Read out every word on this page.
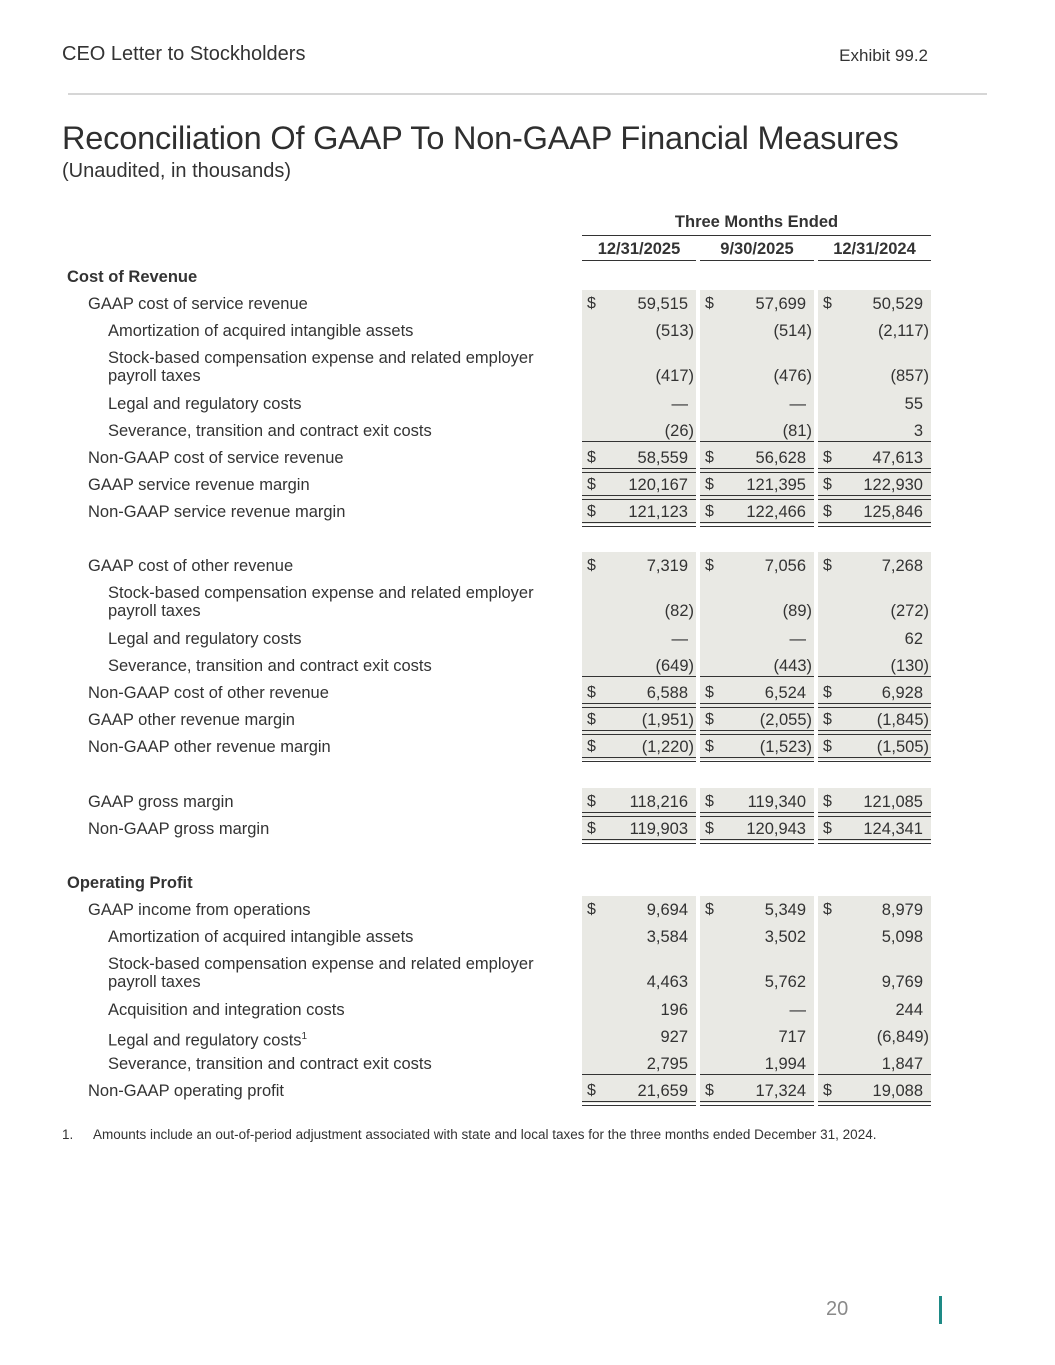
CEO Letter to Stockholders	Exhibit 99.2
Reconciliation Of GAAP To Non-GAAP Financial Measures
(Unaudited, in thousands)
Three Months Ended
12/31/2025	9/30/2025	12/31/2024
Cost of Revenue
GAAP cost of service revenue	$	59,515 $	57,699 $	50,529
Amortization of acquired intangible assets	(513)	(514)	(2,117)
Stock-based compensation expense and related employer payroll taxes	(417)	(476)	(857)
Legal and regulatory costs	—	—	55
Severance, transition and contract exit costs	(26)	(81)	3
Non-GAAP cost of service revenue	$	58,559 $	56,628 $	47,613
GAAP service revenue margin	$	120,167 $	121,395 $	122,930
Non-GAAP service revenue margin	$	121,123 $	122,466 $	125,846
GAAP cost of other revenue	$	7,319 $	7,056 $	7,268
Stock-based compensation expense and related employer payroll taxes	(82)	(89)	(272)
Legal and regulatory costs	—	—	62
Severance, transition and contract exit costs	(649)	(443)	(130)
Non-GAAP cost of other revenue	$	6,588 $	6,524 $	6,928
GAAP other revenue margin	$	(1,951) $	(2,055) $	(1,845)
Non-GAAP other revenue margin	$	(1,220) $	(1,523) $	(1,505)
GAAP gross margin	$	118,216 $	119,340 $	121,085
Non-GAAP gross margin	$	119,903 $	120,943 $	124,341
Operating Profit
GAAP income from operations	$	9,694 $	5,349 $	8,979
Amortization of acquired intangible assets	3,584	3,502	5,098
Stock-based compensation expense and related employer payroll taxes	4,463	5,762	9,769
Acquisition and integration costs	196	—	244
Legal and regulatory costs$^1$	927	717	(6,849)
Severance, transition and contract exit costs	2,795	1,994	1,847
Non-GAAP operating profit	$	21,659 $	17,324 $	19,088
1. Amounts include an out-of-period adjustment associated with state and local taxes for the three months ended December 31, 2024.
20
